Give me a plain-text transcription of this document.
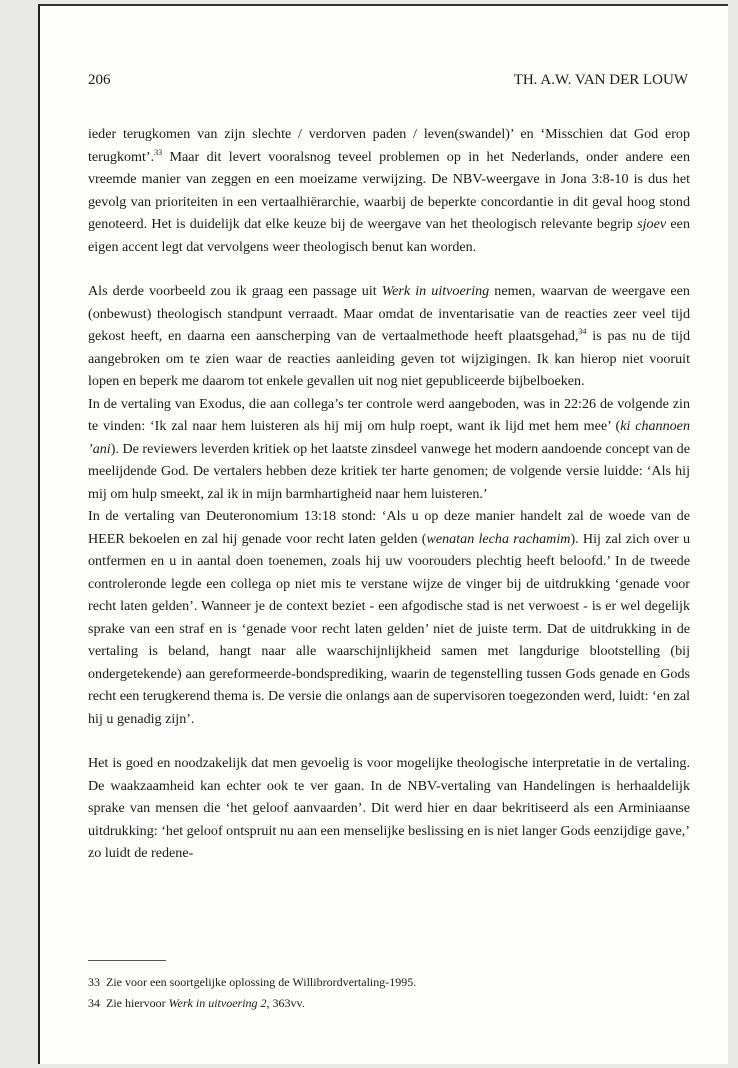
206	TH. A.W. VAN DER LOUW

ieder terugkomen van zijn slechte / verdorven paden / leven(swandel)’ en ‘Misschien dat God erop terugkomt’.$^{33}$ Maar dit levert vooralsnog teveel problemen op in het Nederlands, onder andere een vreemde manier van zeggen en een moeizame verwijzing. De NBV-weergave in Jona 3:8-10 is dus het gevolg van prioriteiten in een vertaalhiërarchie, waarbij de beperkte concordantie in dit geval hoog stond genoteerd. Het is duidelijk dat elke keuze bij de weergave van het theologisch relevante begrip sjoev een eigen accent legt dat vervolgens weer theologisch benut kan worden.

Als derde voorbeeld zou ik graag een passage uit Werk in uitvoering nemen, waarvan de weergave een (onbewust) theologisch standpunt verraadt. Maar omdat de inventarisatie van de reacties zeer veel tijd gekost heeft, en daarna een aanscherping van de vertaalmethode heeft plaatsgehad,$^{34}$ is pas nu de tijd aangebroken om te zien waar de reacties aanleiding geven tot wijzigingen. Ik kan hierop niet vooruit lopen en beperk me daarom tot enkele gevallen uit nog niet gepubliceerde bijbelboeken.

In de vertaling van Exodus, die aan collega’s ter controle werd aangeboden, was in 22:26 de volgende zin te vinden: ‘Ik zal naar hem luisteren als hij mij om hulp roept, want ik lijd met hem mee’ (ki channoen ’ani). De reviewers leverden kritiek op het laatste zinsdeel vanwege het modern aandoende concept van de meelijdende God. De vertalers hebben deze kritiek ter harte genomen; de volgende versie luidde: ‘Als hij mij om hulp smeekt, zal ik in mijn barmhartigheid naar hem luisteren.’

In de vertaling van Deuteronomium 13:18 stond: ‘Als u op deze manier handelt zal de woede van de HEER bekoelen en zal hij genade voor recht laten gelden (wenatan lecha rachamim). Hij zal zich over u ontfermen en u in aantal doen toenemen, zoals hij uw voorouders plechtig heeft beloofd.’ In de tweede controleronde legde een collega op niet mis te verstane wijze de vinger bij de uitdrukking ‘genade voor recht laten gelden’. Wanneer je de context beziet - een afgodische stad is net verwoest - is er wel degelijk sprake van een straf en is ‘genade voor recht laten gelden’ niet de juiste term. Dat de uitdrukking in de vertaling is beland, hangt naar alle waarschijnlijkheid samen met langdurige blootstelling (bij ondergetekende) aan gereformeerde-bondsprediking, waarin de tegenstelling tussen Gods genade en Gods recht een terugkerend thema is. De versie die onlangs aan de supervisoren toegezonden werd, luidt: ‘en zal hij u genadig zijn’.

Het is goed en noodzakelijk dat men gevoelig is voor mogelijke theologische interpretatie in de vertaling. De waakzaamheid kan echter ook te ver gaan. In de NBV-vertaling van Handelingen is herhaaldelijk sprake van mensen die ‘het geloof aanvaarden’. Dit werd hier en daar bekritiseerd als een Arminiaanse uitdrukking: ‘het geloof ontspruit nu aan een menselijke beslissing en is niet langer Gods eenzijdige gave,’ zo luidt de redene-

33 Zie voor een soortgelijke oplossing de Willibrordvertaling-1995.
34 Zie hiervoor Werk in uitvoering 2, 363vv.
